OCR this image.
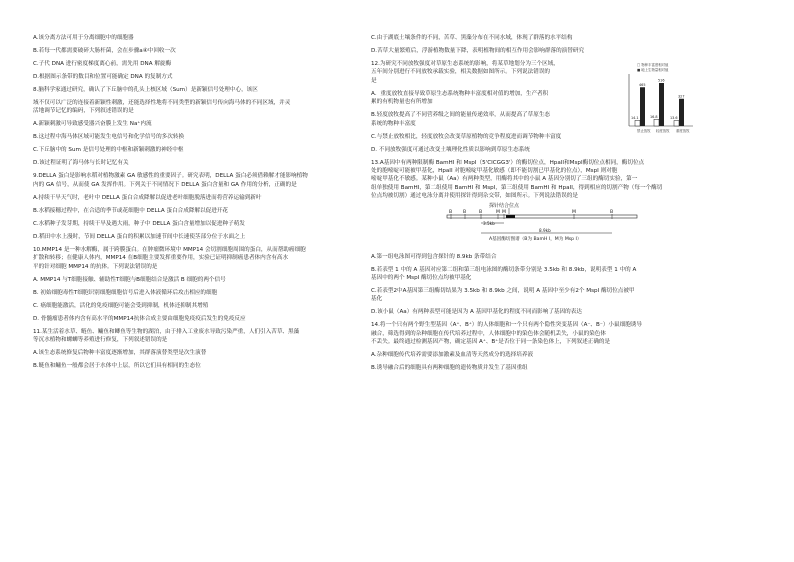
A.该分离方法可用于分离细胞中的细胞器

B.若每一代都需要破碎大肠杆菌，会在步骤a④中回收一次

C.子代 DNA 进行密度梯度离心前，需先用 DNA 解旋酶

D.根据图示条带的数目和位置可能确定 DNA 的复制方式

8.脑科学家通过研究，确认了下丘脑中的孔头上核区域（Sum）是新颖信号处理中心，该区

域不仅可以广泛的连接着新颖性刺激，还能选择性地将不同类型的新颖信号传向海马体的不同区域，并灵

活地调节记忆的编码，下列叙述错误的是

A.新颖刺激可导致感受器兴奋膜上发生 Na⁺内流

B.这过程中海马体区域可能发生电信号和化学信号的多次转换

C.下丘脑中的 Sum 是信号处理的中枢和新颖刺激的神经中枢

D.该过程证明了海马体与长时记忆有关

9.DELLA 蛋白是影响水稻对植物激素 GA 敏感性的重要因子。研究表明，DELLA 蛋白必须借赖解才能影响植物

内的 GA 信号，从而使 GA 发挥作用。下列关于不同情况下 DELLA 蛋白含量和 GA 作用的分析，正确的是

A.持续干旱天气时，老叶中 DELLA 蛋白合成降解以促进老叶细胞脱落进而将营养运输到新叶

B.水稻接穗过程中，在合适的季节或花细胞中 DELLA 蛋白合成降解以促进开花

C.水稻种子发芽期，持续干旱及遇大雨，种子中 DELLA 蛋白含量增加以促进种子萌发

D.稻田中水上漫时，节间 DELLA 蛋白的积累以加速节间中长速使茎部分位于水面之上

10.MMP14 是一种水解酶，属于跨膜蛋白。在肿瘤微环境中 MMP14 会切割细胞周围的蛋白，从而帮助癌细胞

扩散和转移；在健康人体内，MMP14 在B细胞主要发挥重要作用，实验已证明抑制癌患者体内含有高水

平的针对细胞 MMP14 的抗体。下列说法错误的是

A. MMP14 与T细胞接触、辅助性T细胞与B细胞结合是激活 B 细胞的两个信号

B. 初始细胞毒性T细胞识别细胞细胞信号后进入体液循环后攻击相应的细胞

C. 癌细胞能激活，活化的免疫细胞可能会受到抑制，机体还抑制其增殖

D. 骨髓瘤患者体内含有高水平的MMP14抗体合成主要由细胞免疫疫后发生的免疫反应

11.某生活着水草、鲢鱼、鳙鱼和鲫鱼等生物的湖泊，由于排入工业废水导致污染严重，人们引入苦草、黑藻

等沉水植物和螺蛳等养殖进行修复，下列叙述错误的是

A.该生态系统修复后物种丰富度逐渐增加，其群落演替类型是次生演替

B.鲢鱼和鳙鱼一般都会居于水体中上层，所以它们具有相同的生态位

C.由于湖底土壤条件的不同，苦草、黑藻分布在不同水域，体现了群落的水平结构

D.苦草大量繁殖后，浮游植物数量下降，表明植物间的相互作用会影响群落的演替研究

12.为研究不同放牧强度对草原生态系统的影响，将某草地划分为三个区域，

五年间分别进行不同放牧承载实验，相关数据如图所示。下列说法错误的

是

A．重度放牧直接导致草原生态系统物种丰富度相对值的增加，生产者积

累的有机物量也有所增加

B.轻度放牧提高了不同营养级之间的能量传递效率，从而提高了草原生态

系统的物种丰富度

C.与禁止放牧相比，轻度放牧会改变草原植物的竞争程度进而调节物种丰富度

D. 不同放牧强度可通过改变土壤理化性质以影响到草原生态系统

□ 物种丰富度相对值
■ 地上生物量相对值
14.1
465
16.8
516
13.6
327
禁止放牧 轻度放牧 重度放牧

13.A基因中有两种限制酶 BamHI 和 MspI（5'CⅠCGG3'）的酶切位点，HpaII和MspI酶切位点相同，酶切位点

处的胞嘧啶可能被甲基化，HpaII 对胞嘧啶甲基化敏感（即不能切割已甲基化的位点），MspI 则对胞

嘧啶甲基化不敏感。某种小鼠（Aa）有两种类型，用酶将其中的小鼠 A 基因分别切了三组的酶切实验，第一

组单独使用 BamHI，第二组使用 BamHI 和 MspI，第三组使用 BamHI 和 HpaII，得到相应的切割产物（每一个酶切

位点均被切割）通过电泳分离并使用探针得到杂交带，如图所示。下列说法错误的是

探针结合位点
B B	B	M M	M	B
3.5kb
8.9kb
A基因酶切图谱（B为 BamH I，M为 Msp I）

A.第一组电泳图可得到包含探针的 8.9kb 条带结合

B.若表型 1 中的 A 基因对应第二组和第三组电泳图的酶切条带分别是 3.5kb 和 8.9kb，说明表型 1 中的 A

基因中的两个 MspI 酶切位点均被甲基化

C.若表型2中A基因第三组酶切结果为 3.5kb 和 8.9kb 之间，说明 A 基因中至少有2个 MspI 酶切位点被甲

基化

D.该小鼠（Aa）有两种表型可能是因为 A 基因甲基化的程度不同而影响了基因的表达

14.将一个只有两个野生型基因（A⁺、B⁺）的人体细胞和一个只有两个隐性突变基因（A⁻、B⁻）小鼠细胞诱导

融合，筛选得到的杂种细胞在传代培养过程中，人体细胞中的染色体会随机丢失，小鼠的染色体

不丢失。最终通过检测基因产物，确定基因 A⁺、B⁺是否位于同一条染色体上，下列叙述正确的是

A.杂种细胞传代培养需要添加激素及血清等天然成分的选择培养液

B.诱导融合后的细胞具有两种细胞的遗传物质并发生了基因重组
